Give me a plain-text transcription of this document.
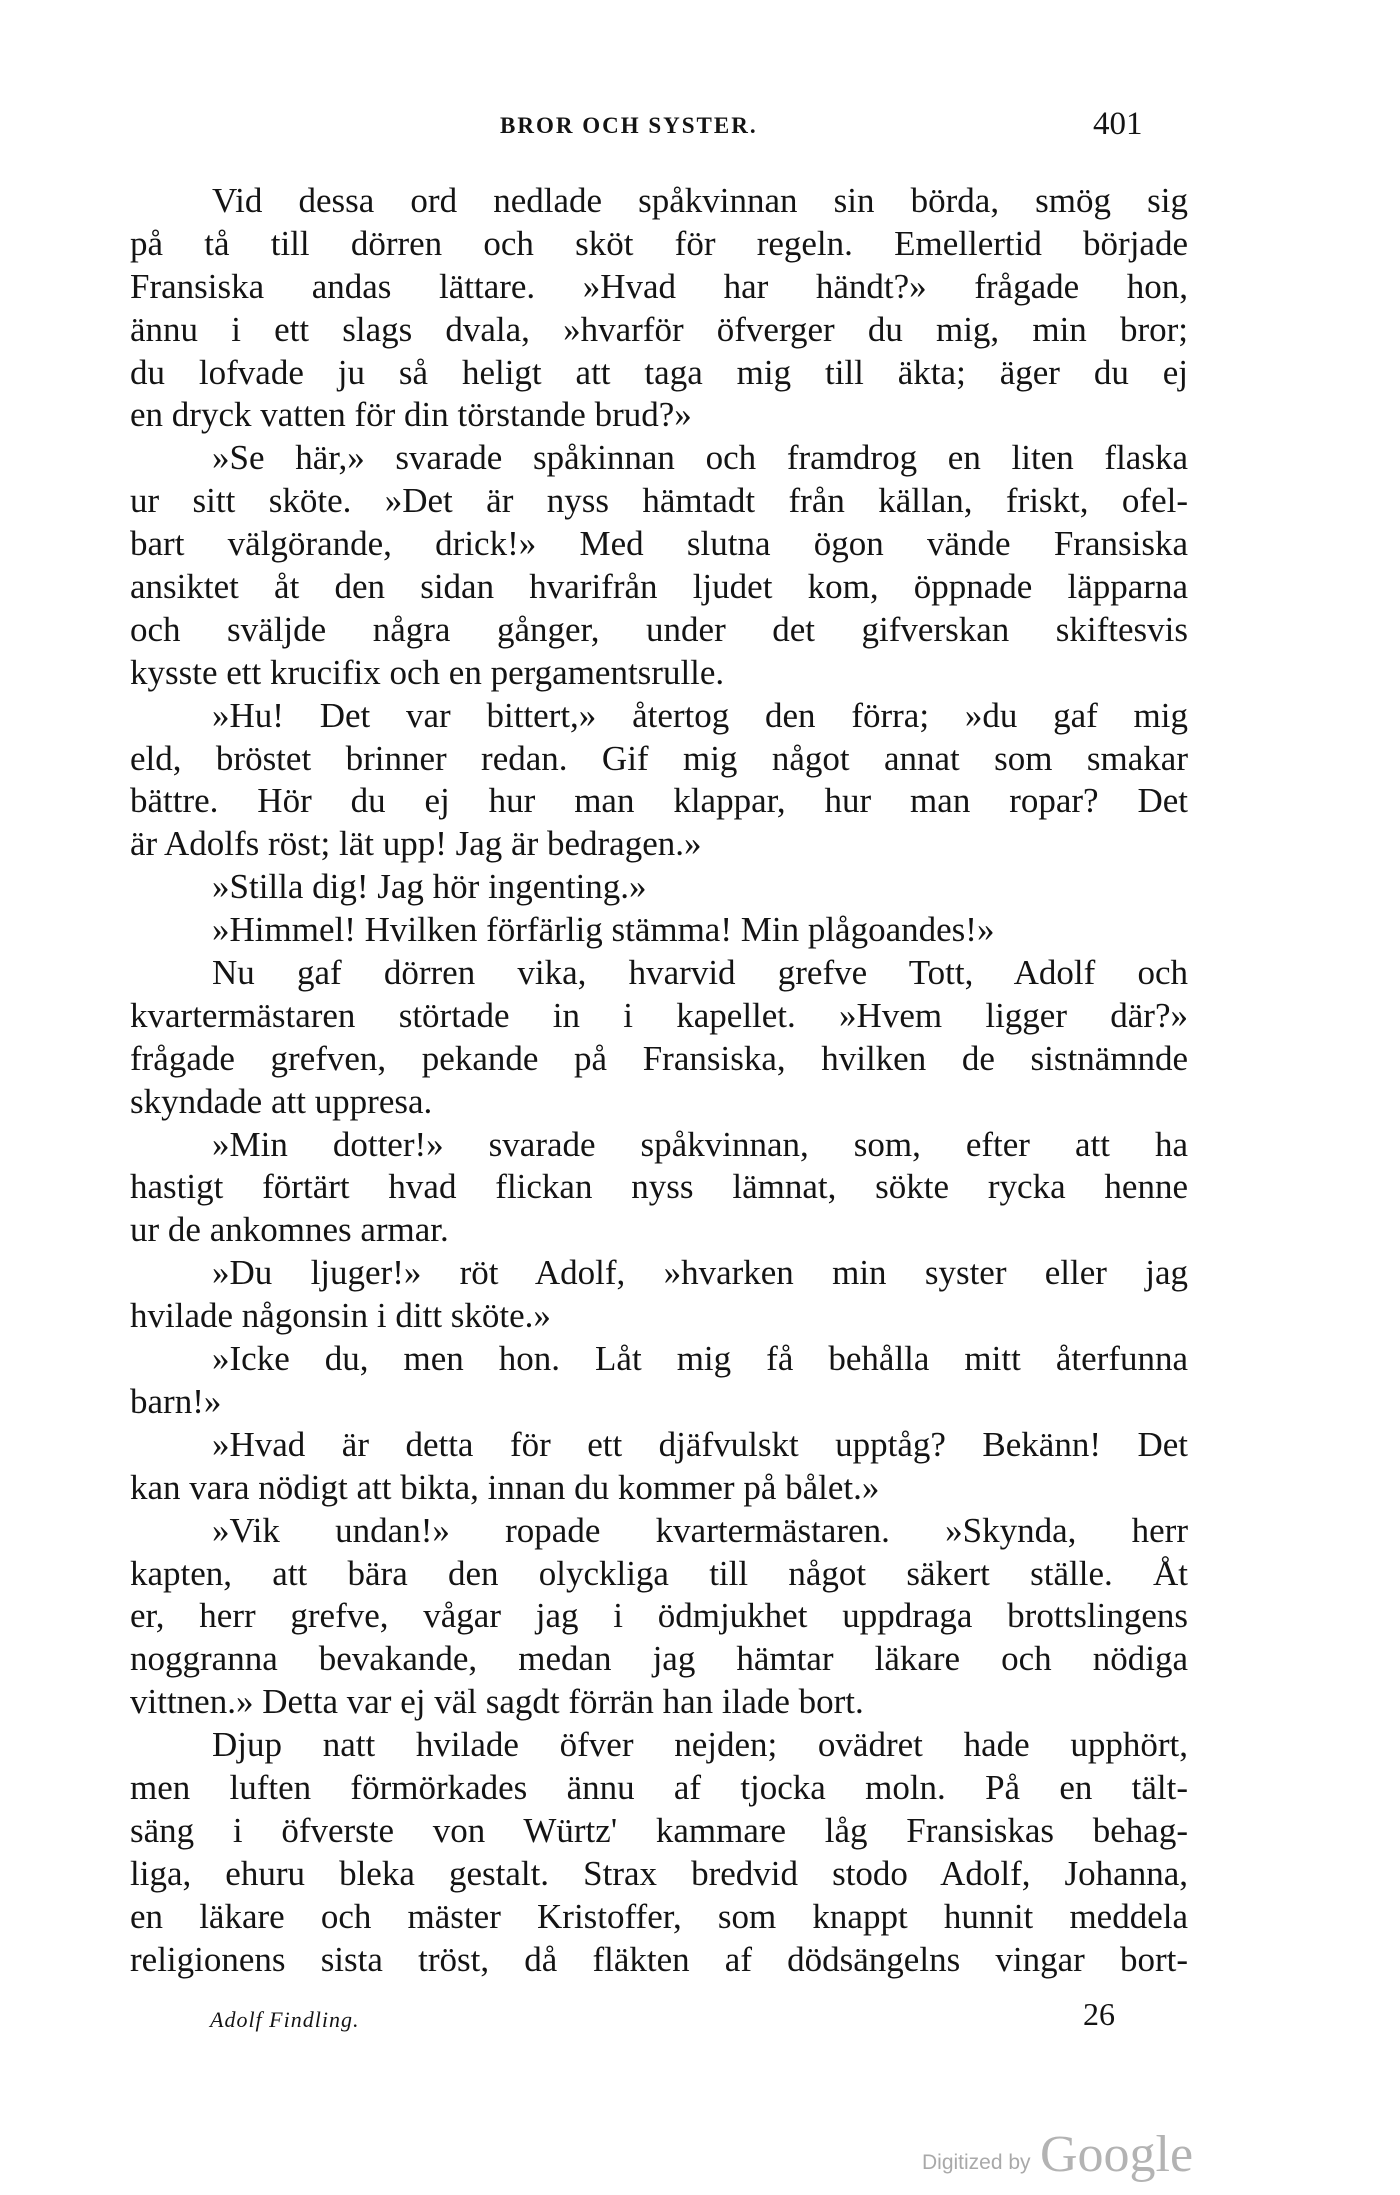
BROR OCH SYSTER.	401
Vid dessa ord nedlade spåkvinnan sin börda, smög sig
på tå till dörren och sköt för regeln. Emellertid började
Fransiska andas lättare. »Hvad har händt?» frågade hon,
ännu i ett slags dvala, »hvarför öfverger du mig, min bror;
du lofvade ju så heligt att taga mig till äkta; äger du ej
en dryck vatten för din törstande brud?»
»Se här,» svarade spåkinnan och framdrog en liten flaska
ur sitt sköte. »Det är nyss hämtadt från källan, friskt, ofel-
bart välgörande, drick!» Med slutna ögon vände Fransiska
ansiktet åt den sidan hvarifrån ljudet kom, öppnade läpparna
och sväljde några gånger, under det gifverskan skiftesvis
kysste ett krucifix och en pergamentsrulle.
»Hu! Det var bittert,» återtog den förra; »du gaf mig
eld, bröstet brinner redan. Gif mig något annat som smakar
bättre. Hör du ej hur man klappar, hur man ropar? Det
är Adolfs röst; lät upp! Jag är bedragen.»
»Stilla dig! Jag hör ingenting.»
»Himmel! Hvilken förfärlig stämma! Min plågoandes!»
Nu gaf dörren vika, hvarvid grefve Tott, Adolf och
kvartermästaren störtade in i kapellet. »Hvem ligger där?»
frågade grefven, pekande på Fransiska, hvilken de sistnämnde
skyndade att uppresa.
»Min dotter!» svarade spåkvinnan, som, efter att ha
hastigt förtärt hvad flickan nyss lämnat, sökte rycka henne
ur de ankomnes armar.
»Du ljuger!» röt Adolf, »hvarken min syster eller jag
hvilade någonsin i ditt sköte.»
»Icke du, men hon. Låt mig få behålla mitt återfunna
barn!»
»Hvad är detta för ett djäfvulskt upptåg? Bekänn! Det
kan vara nödigt att bikta, innan du kommer på bålet.»
»Vik undan!» ropade kvartermästaren. »Skynda, herr
kapten, att bära den olyckliga till något säkert ställe. Åt
er, herr grefve, vågar jag i ödmjukhet uppdraga brottslingens
noggranna bevakande, medan jag hämtar läkare och nödiga
vittnen.» Detta var ej väl sagdt förrän han ilade bort.
Djup natt hvilade öfver nejden; ovädret hade upphört,
men luften förmörkades ännu af tjocka moln. På en tält-
säng i öfverste von Würtz' kammare låg Fransiskas behag-
liga, ehuru bleka gestalt. Strax bredvid stodo Adolf, Johanna,
en läkare och mäster Kristoffer, som knappt hunnit meddela
religionens sista tröst, då fläkten af dödsängelns vingar bort-
Adolf Findling.	26
Digitized by Google
